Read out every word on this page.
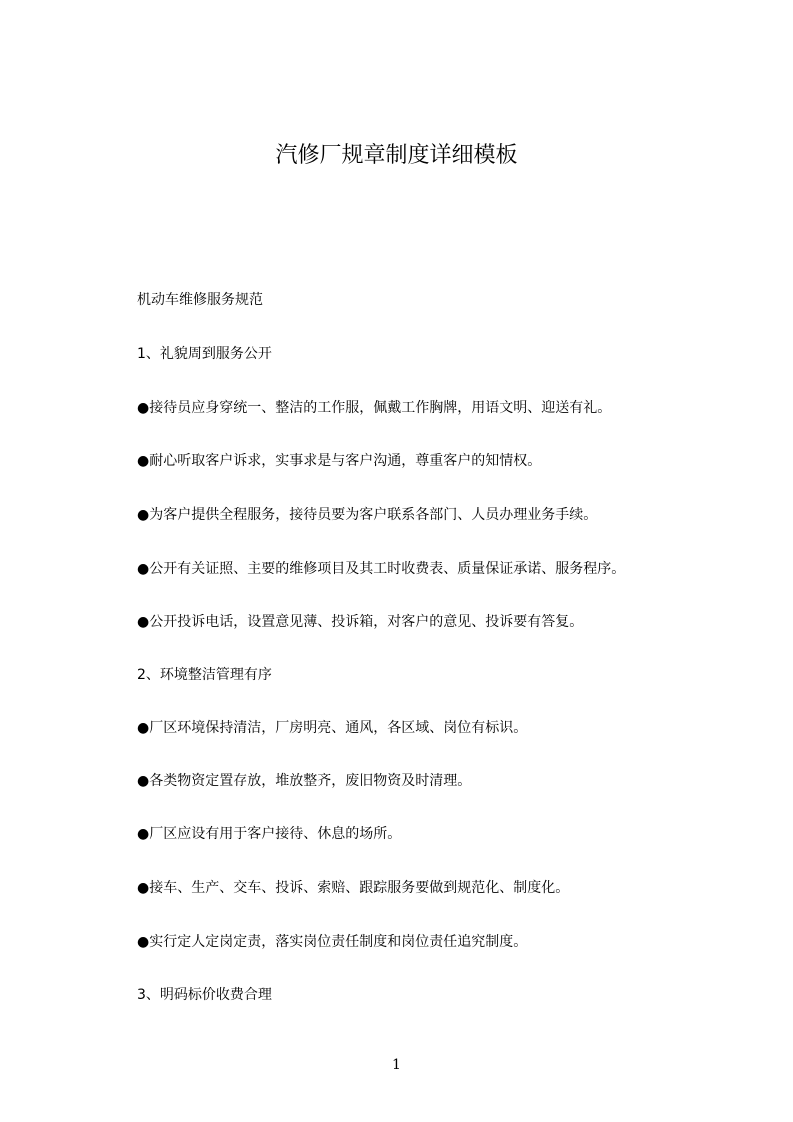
汽修厂规章制度详细模板

机动车维修服务规范

1、礼貌周到服务公开

●接待员应身穿统一、整洁的工作服，佩戴工作胸牌，用语文明、迎送有礼。

●耐心听取客户诉求，实事求是与客户沟通，尊重客户的知情权。

●为客户提供全程服务，接待员要为客户联系各部门、人员办理业务手续。

●公开有关证照、主要的维修项目及其工时收费表、质量保证承诺、服务程序。

●公开投诉电话，设置意见薄、投诉箱，对客户的意见、投诉要有答复。

2、环境整洁管理有序

●厂区环境保持清洁，厂房明亮、通风，各区域、岗位有标识。

●各类物资定置存放，堆放整齐，废旧物资及时清理。

●厂区应设有用于客户接待、休息的场所。

●接车、生产、交车、投诉、索赔、跟踪服务要做到规范化、制度化。

●实行定人定岗定责，落实岗位责任制度和岗位责任追究制度。

3、明码标价收费合理

1
